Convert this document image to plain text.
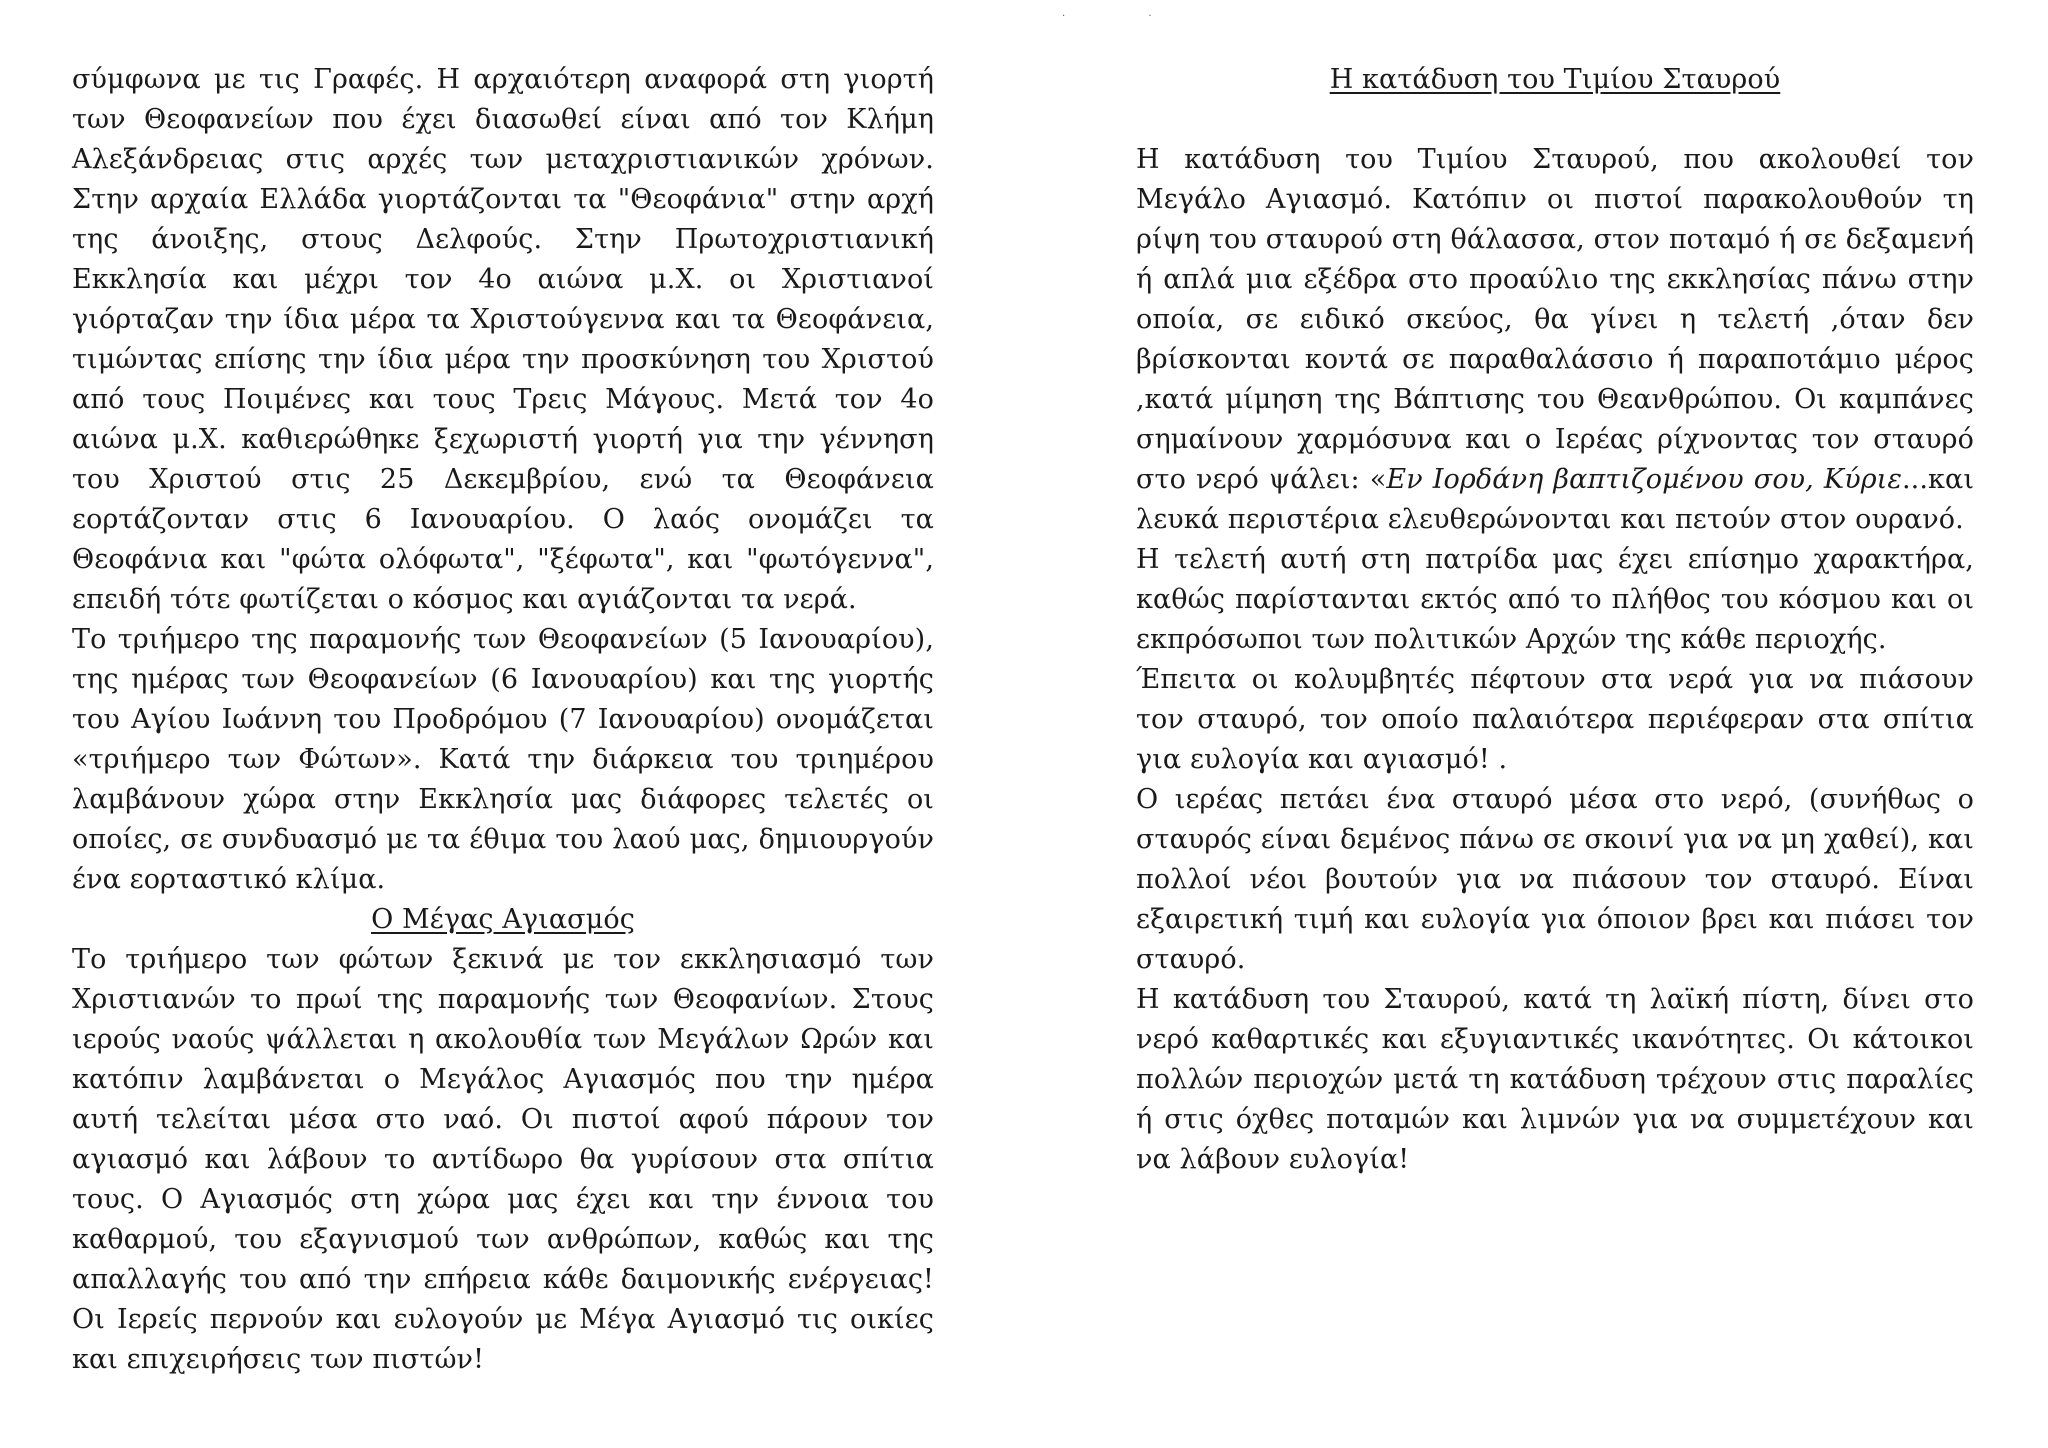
. .

σύμφωνα με τις Γραφές. Η αρχαιότερη αναφορά στη γιορτή των Θεοφανείων που έχει διασωθεί είναι από τον Κλήμη Αλεξάνδρειας στις αρχές των μεταχριστιανικών χρόνων. Στην αρχαία Ελλάδα γιορτάζονται τα "Θεοφάνια" στην αρχή της άνοιξης, στους Δελφούς. Στην Πρωτοχριστιανική Εκκλησία και μέχρι τον 4ο αιώνα μ.Χ. οι Χριστιανοί γιόρταζαν την ίδια μέρα τα Χριστούγεννα και τα Θεοφάνεια, τιμώντας επίσης την ίδια μέρα την προσκύνηση του Χριστού από τους Ποιμένες και τους Τρεις Μάγους. Μετά τον 4ο αιώνα μ.Χ. καθιερώθηκε ξεχωριστή γιορτή για την γέννηση του Χριστού στις 25 Δεκεμβρίου, ενώ τα Θεοφάνεια εορτάζονταν στις 6 Ιανουαρίου. Ο λαός ονομάζει τα Θεοφάνια και "φώτα ολόφωτα", "ξέφωτα", και "φωτόγεννα", επειδή τότε φωτίζεται ο κόσμος και αγιάζονται τα νερά.

Το τριήμερο της παραμονής των Θεοφανείων (5 Ιανουαρίου), της ημέρας των Θεοφανείων (6 Ιανουαρίου) και της γιορτής του Αγίου Ιωάννη του Προδρόμου (7 Ιανουαρίου) ονομάζεται «τριήμερο των Φώτων». Κατά την διάρκεια του τριημέρου λαμβάνουν χώρα στην Εκκλησία μας διάφορες τελετές οι οποίες, σε συνδυασμό με τα έθιμα του λαού μας, δημιουργούν ένα εορταστικό κλίμα.

Ο Μέγας Αγιασμός

Το τριήμερο των φώτων ξεκινά με τον εκκλησιασμό των Χριστιανών το πρωί της παραμονής των Θεοφανίων. Στους ιερούς ναούς ψάλλεται η ακολουθία των Μεγάλων Ωρών και κατόπιν λαμβάνεται ο Μεγάλος Αγιασμός που την ημέρα αυτή τελείται μέσα στο ναό. Οι πιστοί αφού πάρουν τον αγιασμό και λάβουν το αντίδωρο θα γυρίσουν στα σπίτια τους. Ο Αγιασμός στη χώρα μας έχει και την έννοια του καθαρμού, του εξαγνισμού των ανθρώπων, καθώς και της απαλλαγής του από την επήρεια κάθε δαιμονικής ενέργειας! Οι Ιερείς περνούν και ευλογούν με Μέγα Αγιασμό τις οικίες και επιχειρήσεις των πιστών!

Η κατάδυση του Τιμίου Σταυρού

Η κατάδυση του Τιμίου Σταυρού, που ακολουθεί τον Μεγάλο Αγιασμό. Κατόπιν οι πιστοί παρακολουθούν τη ρίψη του σταυρού στη θάλασσα, στον ποταμό ή σε δεξαμενή ή απλά μια εξέδρα στο προαύλιο της εκκλησίας πάνω στην οποία, σε ειδικό σκεύος, θα γίνει η τελετή ,όταν δεν βρίσκονται κοντά σε παραθαλάσσιο ή παραποτάμιο μέρος ,κατά μίμηση της Βάπτισης του Θεανθρώπου. Οι καμπάνες σημαίνουν χαρμόσυνα και ο Ιερέας ρίχνοντας τον σταυρό στο νερό ψάλει: «Εν Ιορδάνη βαπτιζομένου σου, Κύριε...και λευκά περιστέρια ελευθερώνονται και πετούν στον ουρανό.

Η τελετή αυτή στη πατρίδα μας έχει επίσημο χαρακτήρα, καθώς παρίστανται εκτός από το πλήθος του κόσμου και οι εκπρόσωποι των πολιτικών Αρχών της κάθε περιοχής.

Έπειτα οι κολυμβητές πέφτουν στα νερά για να πιάσουν τον σταυρό, τον οποίο παλαιότερα περιέφεραν στα σπίτια για ευλογία και αγιασμό! .

Ο ιερέας πετάει ένα σταυρό μέσα στο νερό, (συνήθως ο σταυρός είναι δεμένος πάνω σε σκοινί για να μη χαθεί), και πολλοί νέοι βουτούν για να πιάσουν τον σταυρό. Είναι εξαιρετική τιμή και ευλογία για όποιον βρει και πιάσει τον σταυρό.

Η κατάδυση του Σταυρού, κατά τη λαϊκή πίστη, δίνει στο νερό καθαρτικές και εξυγιαντικές ικανότητες. Οι κάτοικοι πολλών περιοχών μετά τη κατάδυση τρέχουν στις παραλίες ή στις όχθες ποταμών και λιμνών για να συμμετέχουν και να λάβουν ευλογία!
